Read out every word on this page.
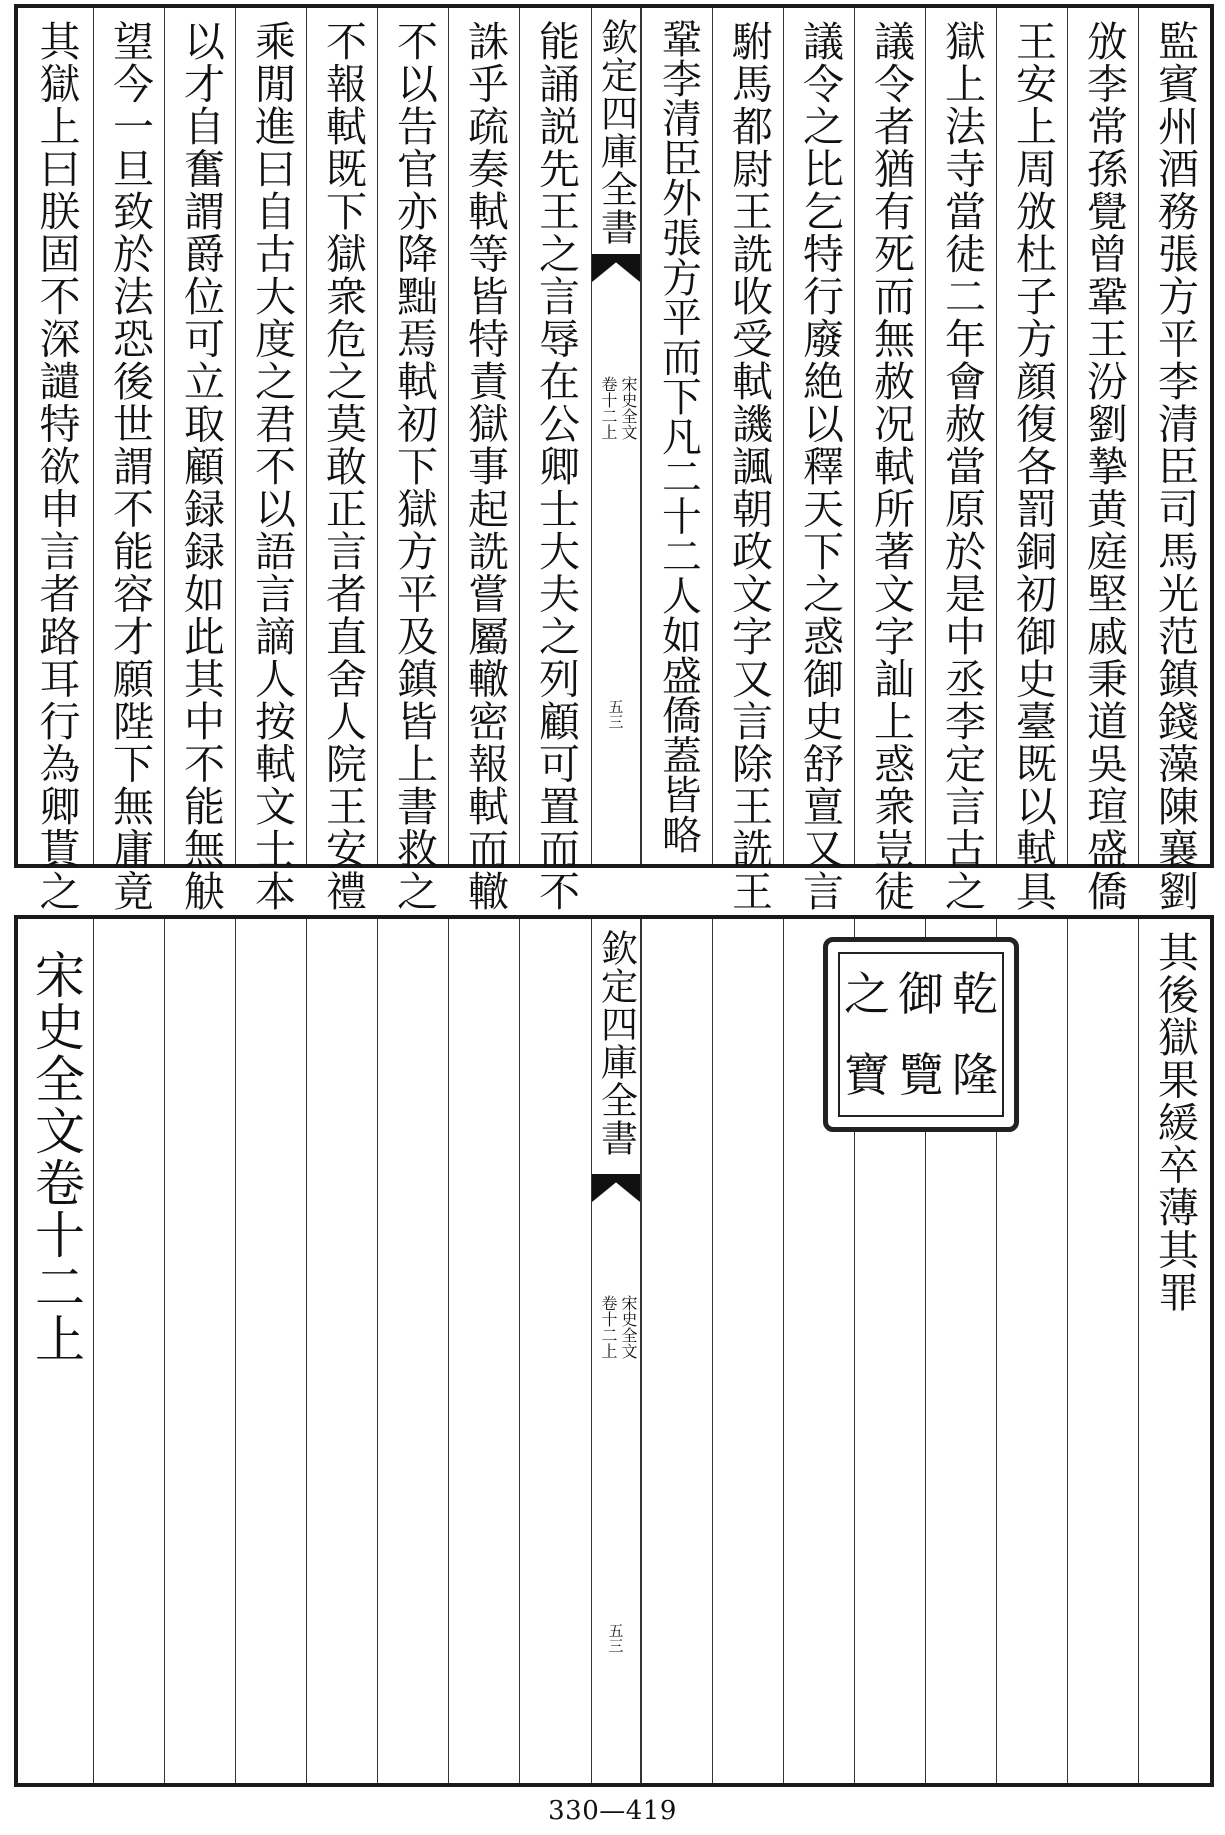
監賓州酒務張方平李清臣司馬光范鎮錢藻陳襄劉
攽李常孫覺曾鞏王汾劉摯黄庭堅戚秉道吳瑄盛僑
王安上周攽杜子方顔復各罰銅初御史臺既以軾具
獄上法寺當徒二年會赦當原於是中丞李定言古之
議令者猶有死而無赦况軾所著文字訕上惑衆豈徒
議令之比乞特行廢絶以釋天下之惑御史舒亶又言
駙馬都尉王詵收受軾譏諷朝政文字又言除王詵王
鞏李清臣外張方平而下凡二十二人如盛僑蓋皆略
欽定四庫全書
宋史全文
卷十二上
五三
能誦説先王之言辱在公卿士大夫之列顧可置而不
誅乎疏奏軾等皆特責獄事起詵嘗屬轍密報軾而轍
不以告官亦降黜焉軾初下獄方平及鎮皆上書救之
不報軾既下獄衆危之莫敢正言者直舍人院王安禮
乘閒進曰自古大度之君不以語言謫人按軾文士本
以才自奮謂爵位可立取顧録録如此其中不能無觖
望今一旦致於法恐後世謂不能容才願陛下無庸竟
其獄上曰朕固不深譴特欲申言者路耳行為卿貰之
其後獄果緩卒薄其罪
乾
隆
御
覽
之
寶
欽定四庫全書
宋史全文
卷十二上
五三
宋史全文卷十二上
330—419
